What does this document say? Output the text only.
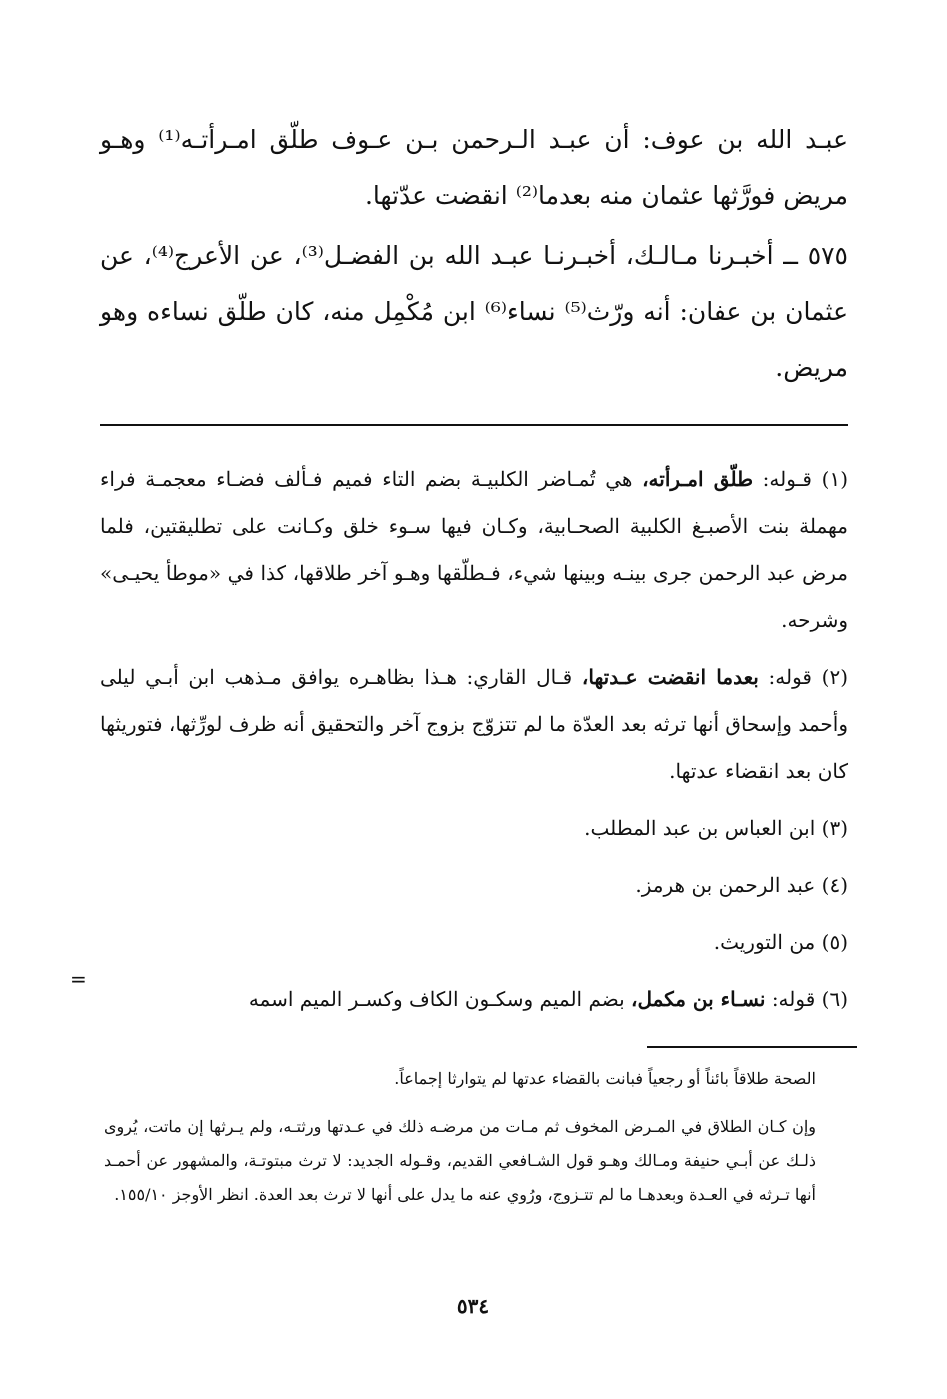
عبـد الله بن عوف: أن عبـد الـرحمن بـن عـوف طلّق امـرأتـه⁽¹⁾ وهـو مريض فورَّثها عثمان منه بعدما⁽²⁾ انقضت عدّتها.

٥٧٥ ــ أخبـرنا مـالـك، أخبـرنـا عبـد الله بن الفضـل⁽³⁾، عن الأعرج⁽⁴⁾، عن عثمان بن عفان: أنه ورّث⁽⁵⁾ نساء⁽⁶⁾ ابن مُكْمِل منه، كان طلّق نساءه وهو مريض.

(١) قـوله: طلّق امـرأته، هي تُمـاضر الكلبيـة بضم التاء فميم فـألف فضـاء معجمـة فراء مهملة بنت الأصبـغ الكلبية الصحـابية، وكـان فيها سـوء خلق وكـانت على تطليقتين، فلما مرض عبد الرحمن جرى بينـه وبينها شيء، فـطلّقها وهـو آخر طلاقها، كذا في «موطأ يحيـى» وشرحه.

(٢) قوله: بعدما انقضت عـدتها، قـال القاري: هـذا بظاهـره يوافق مـذهب ابن أبـي ليلى وأحمد وإسحاق أنها ترثه بعد العدّة ما لم تتزوّج بزوج آخر والتحقيق أنه ظرف لورِّثها، فتوريثها كان بعد انقضاء عدتها.

(٣) ابن العباس بن عبد المطلب.

(٤) عبد الرحمن بن هرمز.

(٥) من التوريث.

(٦) قوله: نسـاء بن مكمل، بضم الميم وسكـون الكاف وكسـر الميم اسمه

=

الصحة طلاقاً بائناً أو رجعياً فبانت بالقضاء عدتها لم يتوارثا إجماعاً.

وإن كـان الطلاق في المـرض المخوف ثم مـات من مرضـه ذلك في عـدتها ورثتـه، ولم يـرثها إن ماتت، يُروى ذلـك عن أبـي حنيفة ومـالك وهـو قول الشـافعي القديم، وقـوله الجديد: لا ترث مبتوتـة، والمشهور عن أحمـد أنها تـرثه في العـدة وبعدهـا ما لم تتـزوج، ورُوي عنه ما يدل على أنها لا ترث بعد العدة. انظر الأوجز ١٥٥/١٠.

٥٣٤
